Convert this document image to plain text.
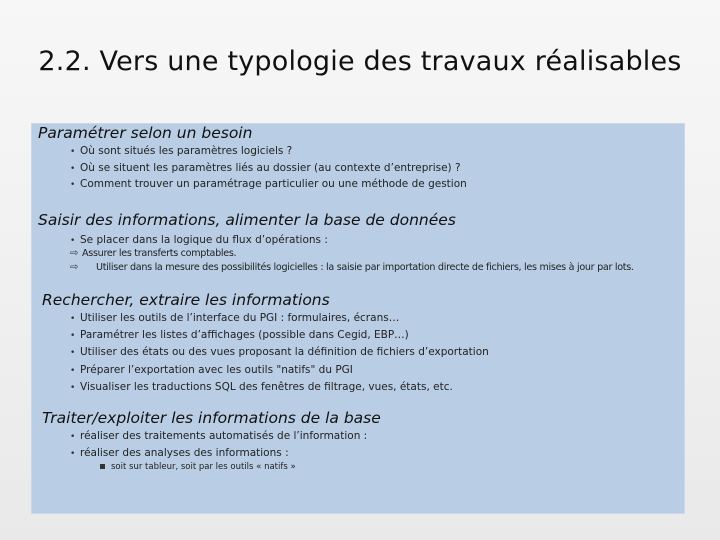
2.2. Vers une typologie des travaux réalisables
Paramétrer selon un besoin
• Où sont situés les paramètres logiciels ?
• Où se situent les paramètres liés au dossier (au contexte d’entreprise) ?
• Comment trouver un paramétrage particulier ou une méthode de gestion
Saisir des informations, alimenter la base de données
• Se placer dans la logique du flux d’opérations :
⇨ Assurer les transferts comptables.
⇨ Utiliser dans la mesure des possibilités logicielles : la saisie par importation directe de fichiers, les mises à jour par lots.
Rechercher, extraire les informations
• Utiliser les outils de l’interface du PGI : formulaires, écrans…
• Paramétrer les listes d’affichages (possible dans Cegid, EBP…)
• Utiliser des états ou des vues proposant la définition de fichiers d’exportation
• Préparer l’exportation avec les outils "natifs" du PGI
• Visualiser les traductions SQL des fenêtres de filtrage, vues, états, etc.
Traiter/exploiter les informations de la base
• réaliser des traitements automatisés de l’information :
• réaliser des analyses des informations :
soit sur tableur, soit par les outils « natifs »
